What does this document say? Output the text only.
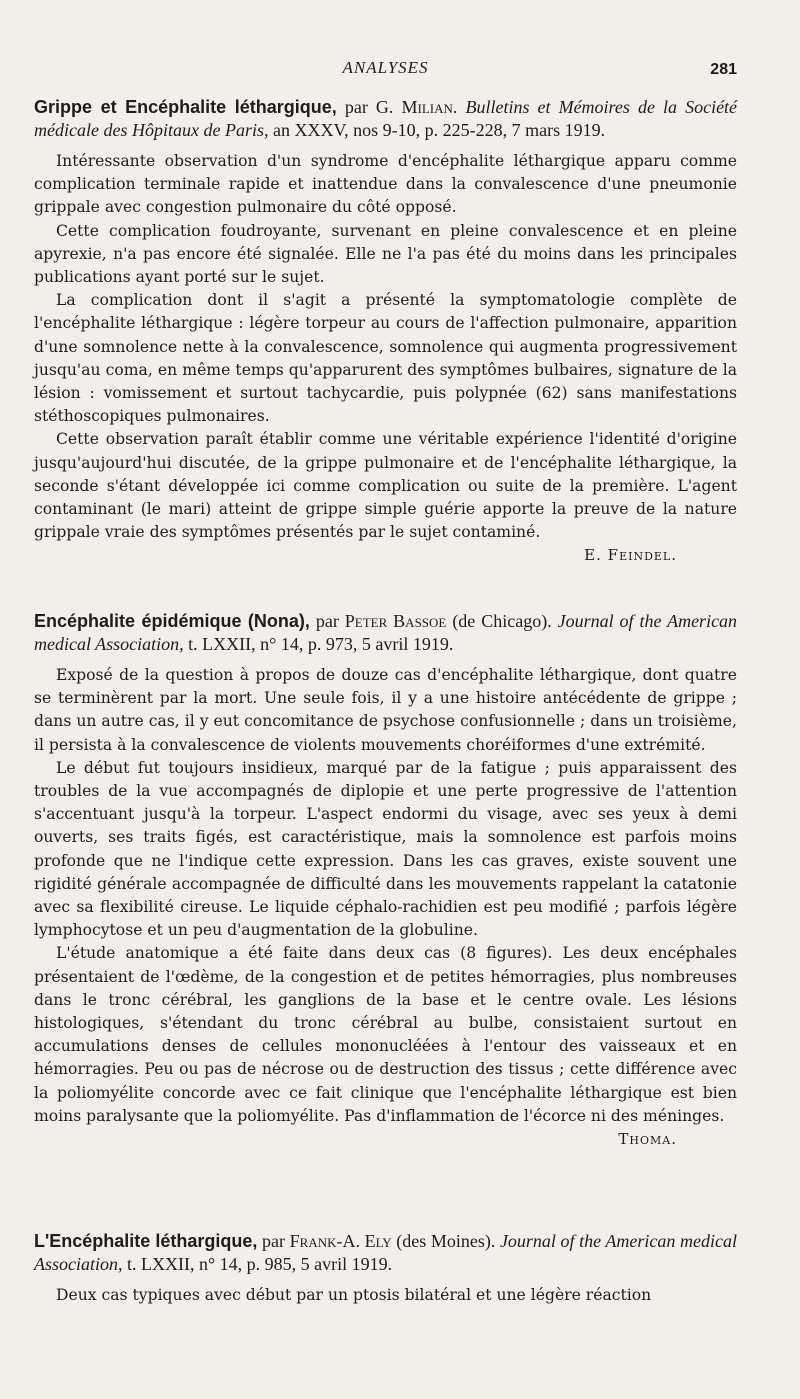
ANALYSES	281

Grippe et Encéphalite léthargique, par G. Milian. Bulletins et Mémoires de la Société médicale des Hôpitaux de Paris, an XXXV, nos 9-10, p. 225-228, 7 mars 1919.

Intéressante observation d'un syndrome d'encéphalite léthargique apparu comme complication terminale rapide et inattendue dans la convalescence d'une pneumonie grippale avec congestion pulmonaire du côté opposé.

Cette complication foudroyante, survenant en pleine convalescence et en pleine apyrexie, n'a pas encore été signalée. Elle ne l'a pas été du moins dans les principales publications ayant porté sur le sujet.

La complication dont il s'agit a présenté la symptomatologie complète de l'encéphalite léthargique : légère torpeur au cours de l'affection pulmonaire, apparition d'une somnolence nette à la convalescence, somnolence qui augmenta progressivement jusqu'au coma, en même temps qu'apparurent des symptômes bulbaires, signature de la lésion : vomissement et surtout tachycardie, puis polypnée (62) sans manifestations stéthoscopiques pulmonaires.

Cette observation paraît établir comme une véritable expérience l'identité d'origine jusqu'aujourd'hui discutée, de la grippe pulmonaire et de l'encéphalite léthargique, la seconde s'étant développée ici comme complication ou suite de la première. L'agent contaminant (le mari) atteint de grippe simple guérie apporte la preuve de la nature grippale vraie des symptômes présentés par le sujet contaminé.

E. Feindel.

Encéphalite épidémique (Nona), par Peter Bassoe (de Chicago). Journal of the American medical Association, t. LXXII, n° 14, p. 973, 5 avril 1919.

Exposé de la question à propos de douze cas d'encéphalite léthargique, dont quatre se terminèrent par la mort. Une seule fois, il y a une histoire antécédente de grippe ; dans un autre cas, il y eut concomitance de psychose confusionnelle ; dans un troisième, il persista à la convalescence de violents mouvements choréiformes d'une extrémité.

Le début fut toujours insidieux, marqué par de la fatigue ; puis apparaissent des troubles de la vue accompagnés de diplopie et une perte progressive de l'attention s'accentuant jusqu'à la torpeur. L'aspect endormi du visage, avec ses yeux à demi ouverts, ses traits figés, est caractéristique, mais la somnolence est parfois moins profonde que ne l'indique cette expression. Dans les cas graves, existe souvent une rigidité générale accompagnée de difficulté dans les mouvements rappelant la catatonie avec sa flexibilité cireuse. Le liquide céphalo-rachidien est peu modifié ; parfois légère lymphocytose et un peu d'augmentation de la globuline.

L'étude anatomique a été faite dans deux cas (8 figures). Les deux encéphales présentaient de l'œdème, de la congestion et de petites hémorragies, plus nombreuses dans le tronc cérébral, les ganglions de la base et le centre ovale. Les lésions histologiques, s'étendant du tronc cérébral au bulbe, consistaient surtout en accumulations denses de cellules mononucléées à l'entour des vaisseaux et en hémorragies. Peu ou pas de nécrose ou de destruction des tissus ; cette différence avec la poliomyélite concorde avec ce fait clinique que l'encéphalite léthargique est bien moins paralysante que la poliomyélite. Pas d'inflammation de l'écorce ni des méninges.

Thoma.

L'Encéphalite léthargique, par Frank-A. Ely (des Moines). Journal of the American medical Association, t. LXXII, n° 14, p. 985, 5 avril 1919.

Deux cas typiques avec début par un ptosis bilatéral et une légère réaction
